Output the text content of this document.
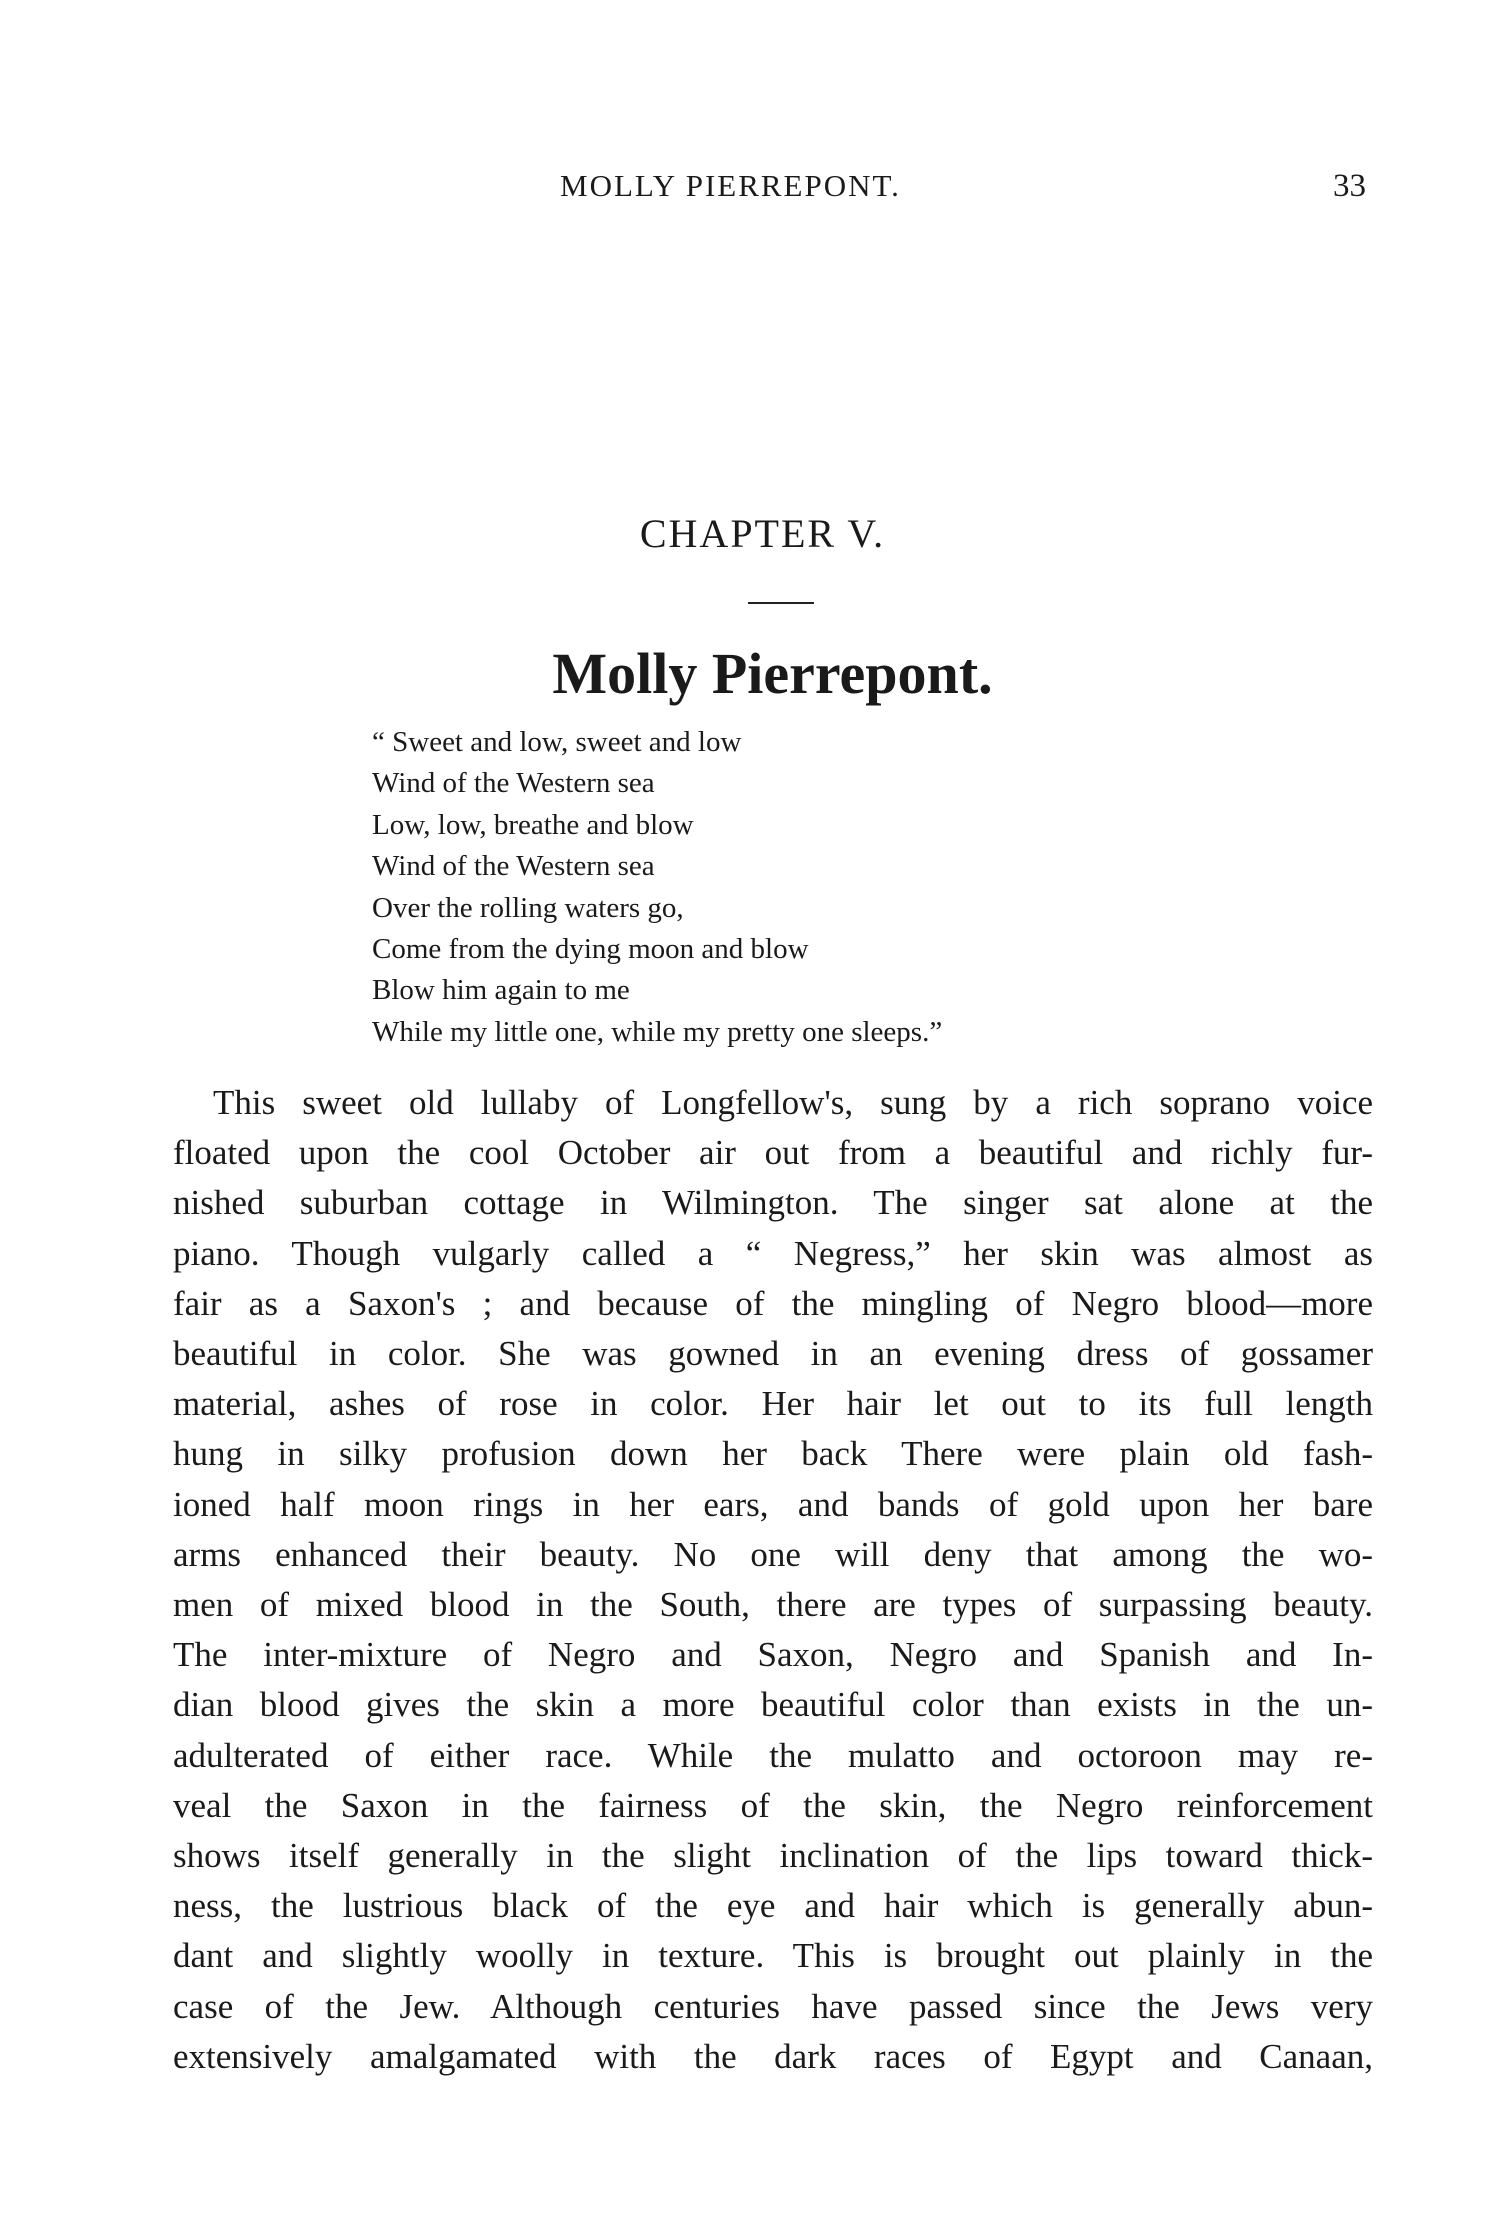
MOLLY PIERREPONT.	33
CHAPTER V.
Molly Pierrepont.
“ Sweet and low, sweet and low
Wind of the Western sea
Low, low, breathe and blow
Wind of the Western sea
Over the rolling waters go,
Come from the dying moon and blow
Blow him again to me
While my little one, while my pretty one sleeps.”
This sweet old lullaby of Longfellow's, sung by a rich soprano voice
floated upon the cool October air out from a beautiful and richly fur-
nished suburban cottage in Wilmington. The singer sat alone at the
piano. Though vulgarly called a “ Negress,” her skin was almost as
fair as a Saxon's ; and because of the mingling of Negro blood—more
beautiful in color. She was gowned in an evening dress of gossamer
material, ashes of rose in color. Her hair let out to its full length
hung in silky profusion down her back There were plain old fash-
ioned half moon rings in her ears, and bands of gold upon her bare
arms enhanced their beauty. No one will deny that among the wo-
men of mixed blood in the South, there are types of surpassing beauty.
The inter-mixture of Negro and Saxon, Negro and Spanish and In-
dian blood gives the skin a more beautiful color than exists in the un-
adulterated of either race. While the mulatto and octoroon may re-
veal the Saxon in the fairness of the skin, the Negro reinforcement
shows itself generally in the slight inclination of the lips toward thick-
ness, the lustrious black of the eye and hair which is generally abun-
dant and slightly woolly in texture. This is brought out plainly in the
case of the Jew. Although centuries have passed since the Jews very
extensively amalgamated with the dark races of Egypt and Canaan,
